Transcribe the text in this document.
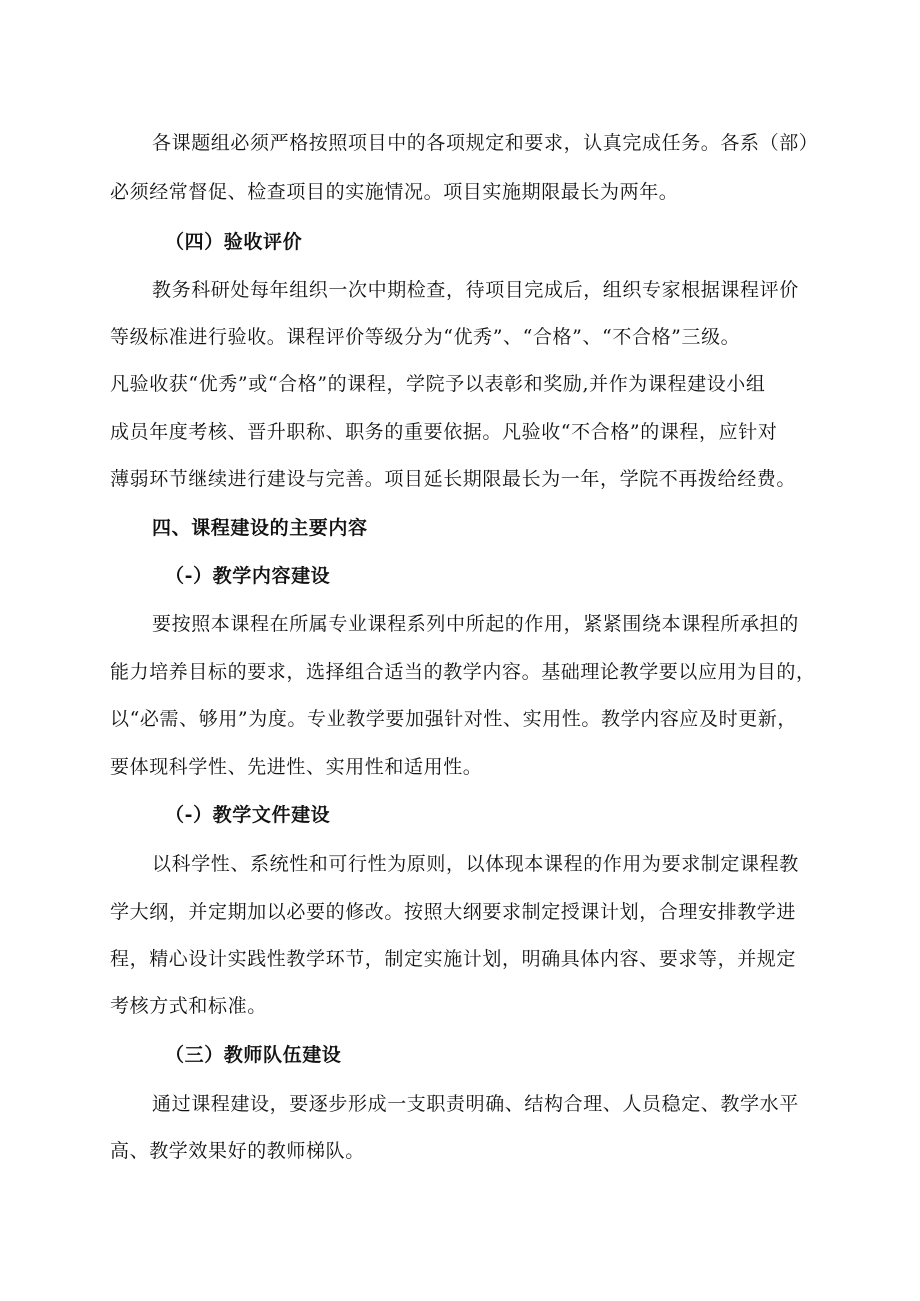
各课题组必须严格按照项目中的各项规定和要求，认真完成任务。各系（部）

必须经常督促、检查项目的实施情况。项目实施期限最长为两年。

（四）验收评价

教务科研处每年组织一次中期检查，待项目完成后，组织专家根据课程评价

等级标准进行验收。课程评价等级分为“优秀”、“合格”、“不合格”三级。

凡验收获“优秀”或“合格”的课程，学院予以表彰和奖励,并作为课程建设小组

成员年度考核、晋升职称、职务的重要依据。凡验收“不合格”的课程，应针对

薄弱环节继续进行建设与完善。项目延长期限最长为一年，学院不再拨给经费。

四、课程建设的主要内容

（-）教学内容建设

要按照本课程在所属专业课程系列中所起的作用，紧紧围绕本课程所承担的

能力培养目标的要求，选择组合适当的教学内容。基础理论教学要以应用为目的，

以“必需、够用”为度。专业教学要加强针对性、实用性。教学内容应及时更新，

要体现科学性、先进性、实用性和适用性。

（-）教学文件建设

以科学性、系统性和可行性为原则，以体现本课程的作用为要求制定课程教

学大纲，并定期加以必要的修改。按照大纲要求制定授课计划，合理安排教学进

程，精心设计实践性教学环节，制定实施计划，明确具体内容、要求等，并规定

考核方式和标准。

（三）教师队伍建设

通过课程建设，要逐步形成一支职责明确、结构合理、人员稳定、教学水平

高、教学效果好的教师梯队。
